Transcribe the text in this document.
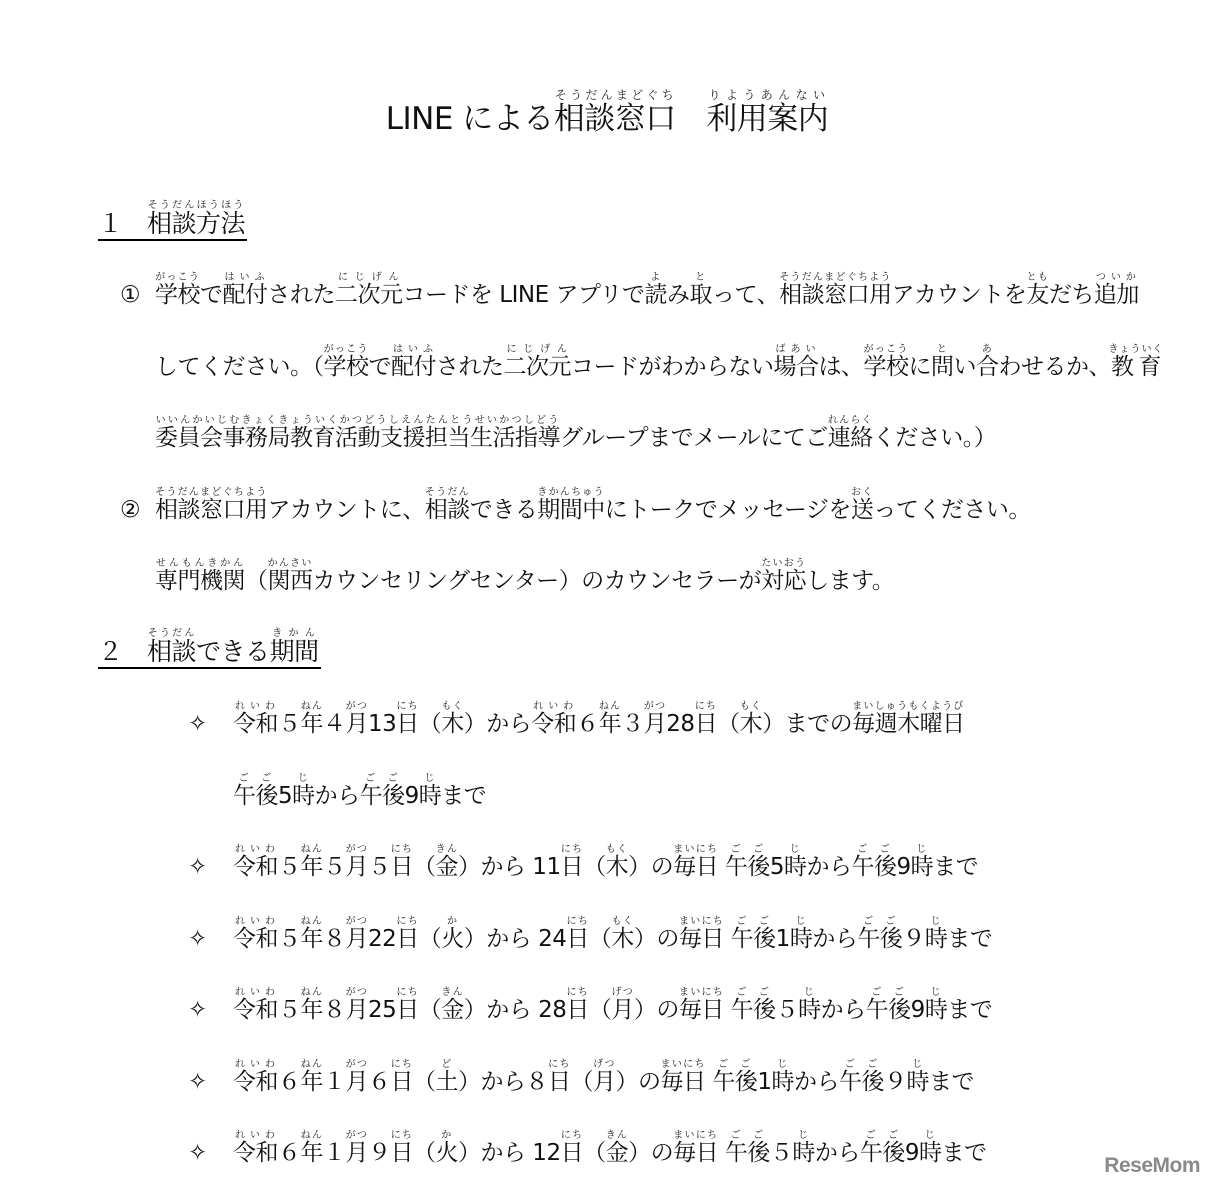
LINE による相談窓口そうだんまどぐち　利用案内りようあんない
１　 相談方法そうだんほうほう
① 学校がっこうで配付はいふされた二次元にじげんコードを LINE アプリで読よみ取とって、相談窓口用そうだんまどぐちようアカウントを友ともだち追加ついか
してください。（学校がっこうで配付はいふされた二次元にじげんコードがわからない場合ばあいは、学校がっこうに問とい合あわせるか、教育きょういく
委員会事務局教育活動支援担当生活指導いいんかいじむきょくきょういくかつどうしえんたんとうせいかつしどうグループまでメールにてご連絡れんらくください。）
② 相談窓口用そうだんまどぐちようアカウントに、相談そうだんできる期間中きかんちゅうにトークでメッセージを送おくってください。
専門機関せんもんきかん（関西かんさいカウンセリングセンター）のカウンセラーが対応たいおうします。
２　 相談そうだんできる期間きかん
✧ 令和れいわ５年ねん４月がつ13日にち（木もく）から令和れいわ６年ねん３月がつ28日にち（木もく）までの毎週木曜日まいしゅうもくようび
午後ごご5時じから午後ごご9時じまで
✧ 令和れいわ５年ねん５月がつ５日にち（金きん）から 11日にち（木もく）の毎日まいにち 午後ごご5時じから午後ごご9時じまで
✧ 令和れいわ５年ねん８月がつ22日にち（火か）から 24日にち（木もく）の毎日まいにち 午後ごご1時じから午後ごご９時じまで
✧ 令和れいわ５年ねん８月がつ25日にち（金きん）から 28日にち（月げつ）の毎日まいにち 午後ごご５時じから午後ごご9時じまで
✧ 令和れいわ６年ねん１月がつ６日にち（土ど）から８日にち（月げつ）の毎日まいにち 午後ごご1時じから午後ごご９時じまで
✧ 令和れいわ６年ねん１月がつ９日にち（火か）から 12日にち（金きん）の毎日まいにち 午後ごご５時じから午後ごご9時じまで	ReseMom
